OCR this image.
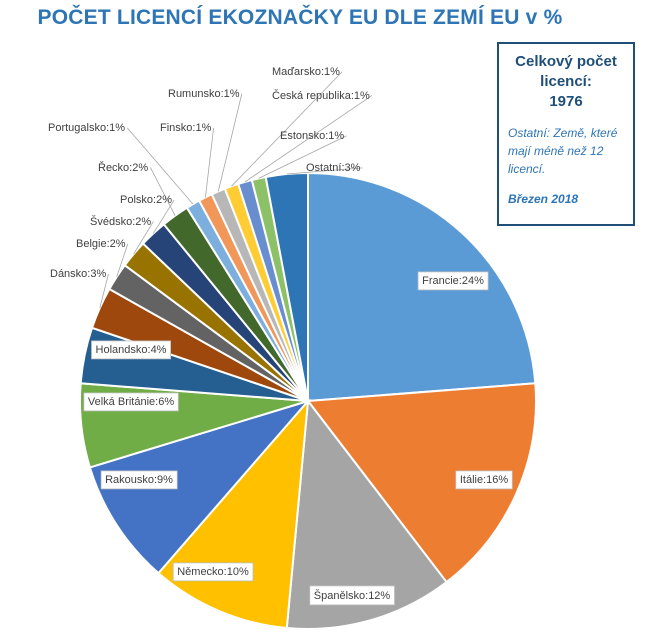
POČET LICENCÍ EKOZNAČKY EU DLE ZEMÍ EU v %
Francie:24%
Itálie:16%
Španělsko:12%
Německo:10%
Rakousko:9%
Velká Británie:6%
Holandsko:4%
Dánsko:3%
Belgie:2%
Švédsko:2%
Polsko:2%
Řecko:2%
Portugalsko:1%	Finsko:1%
Rumunsko:1%
Maďarsko:1%
Česká republika:1%
Estonsko:1%
Ostatní:3%
Celkový počet licencí:
1976
Ostatní: Země, které mají méně než 12 licencí.
Březen 2018
